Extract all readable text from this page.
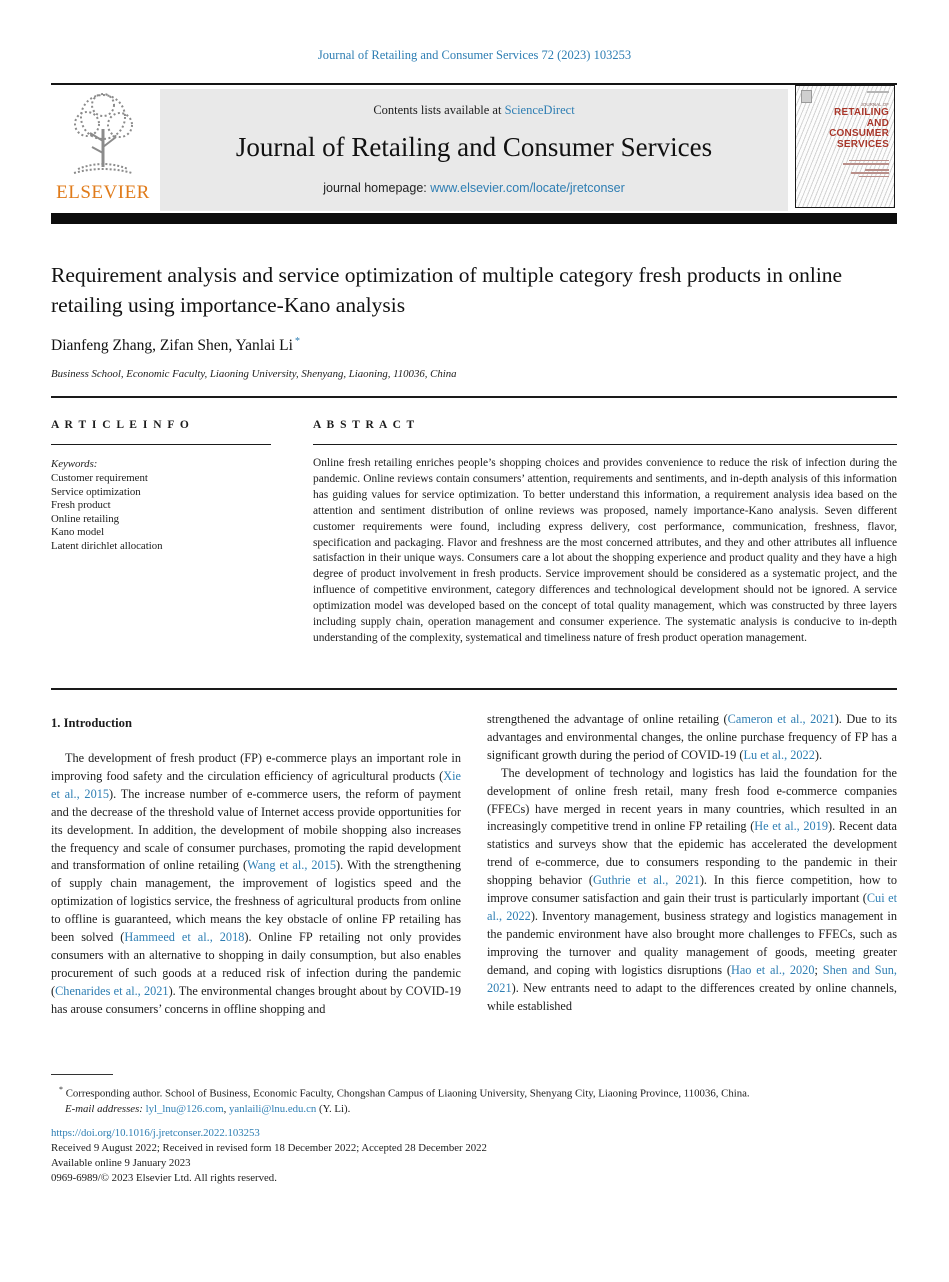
Journal of Retailing and Consumer Services 72 (2023) 103253
ELSEVIER
Contents lists available at ScienceDirect
Journal of Retailing and Consumer Services
journal homepage: www.elsevier.com/locate/jretconser
JOURNAL OF
RETAILING
AND
CONSUMER
SERVICES
Requirement analysis and service optimization of multiple category fresh products in online retailing using importance-Kano analysis
Dianfeng Zhang, Zifan Shen, Yanlai Li *
Business School, Economic Faculty, Liaoning University, Shenyang, Liaoning, 110036, China
A R T I C L E I N F O
Keywords:
Customer requirement
Service optimization
Fresh product
Online retailing
Kano model
Latent dirichlet allocation
A B S T R A C T
Online fresh retailing enriches people’s shopping choices and provides convenience to reduce the risk of infection during the pandemic. Online reviews contain consumers’ attention, requirements and sentiments, and in-depth analysis of this information has guiding values for service optimization. To better understand this information, a requirement analysis idea based on the attention and sentiment distribution of online reviews was proposed, namely importance-Kano analysis. Seven different customer requirements were found, including express delivery, cost performance, communication, freshness, flavor, specification and packaging. Flavor and freshness are the most concerned attributes, and they and other attributes all influence satisfaction in their unique ways. Consumers care a lot about the shopping experience and product quality and they have a high degree of product involvement in fresh products. Service improvement should be considered as a systematic project, and the influence of competitive environment, category differences and technological development should not be ignored. A service optimization model was developed based on the concept of total quality management, which was constructed by three layers including supply chain, operation management and consumer experience. The systematic analysis is conducive to in-depth understanding of the complexity, systematical and timeliness nature of fresh product operation management.
1. Introduction

The development of fresh product (FP) e-commerce plays an important role in improving food safety and the circulation efficiency of agricultural products (Xie et al., 2015). The increase number of e-commerce users, the reform of payment and the decrease of the threshold value of Internet access provide opportunities for its development. In addition, the development of mobile shopping also increases the frequency and scale of consumer purchases, promoting the rapid development and transformation of online retailing (Wang et al., 2015). With the strengthening of supply chain management, the improvement of logistics speed and the optimization of logistics service, the freshness of agricultural products from online to offline is guaranteed, which means the key obstacle of online FP retailing has been solved (Hammeed et al., 2018). Online FP retailing not only provides consumers with an alternative to shopping in daily consumption, but also enables procurement of such goods at a reduced risk of infection during the pandemic (Chenarides et al., 2021). The environmental changes brought about by COVID-19 has arouse consumers’ concerns in offline shopping and

strengthened the advantage of online retailing (Cameron et al., 2021). Due to its advantages and environmental changes, the online purchase frequency of FP has a significant growth during the period of COVID-19 (Lu et al., 2022).

The development of technology and logistics has laid the foundation for the development of online fresh retail, many fresh food e-commerce companies (FFECs) have merged in recent years in many countries, which resulted in an increasingly competitive trend in online FP retailing (He et al., 2019). Recent data statistics and surveys show that the epidemic has accelerated the development trend of e-commerce, due to consumers responding to the pandemic in their shopping behavior (Guthrie et al., 2021). In this fierce competition, how to improve consumer satisfaction and gain their trust is particularly important (Cui et al., 2022). Inventory management, business strategy and logistics management in the pandemic environment have also brought more challenges to FFECs, such as improving the turnover and quality management of goods, meeting greater demand, and coping with logistics disruptions (Hao et al., 2020; Shen and Sun, 2021). New entrants need to adapt to the differences created by online channels, while established

* Corresponding author. School of Business, Economic Faculty, Chongshan Campus of Liaoning University, Shenyang City, Liaoning Province, 110036, China.
E-mail addresses: lyl_lnu@126.com, yanlaili@lnu.edu.cn (Y. Li).
https://doi.org/10.1016/j.jretconser.2022.103253
Received 9 August 2022; Received in revised form 18 December 2022; Accepted 28 December 2022
Available online 9 January 2023
0969-6989/© 2023 Elsevier Ltd. All rights reserved.
